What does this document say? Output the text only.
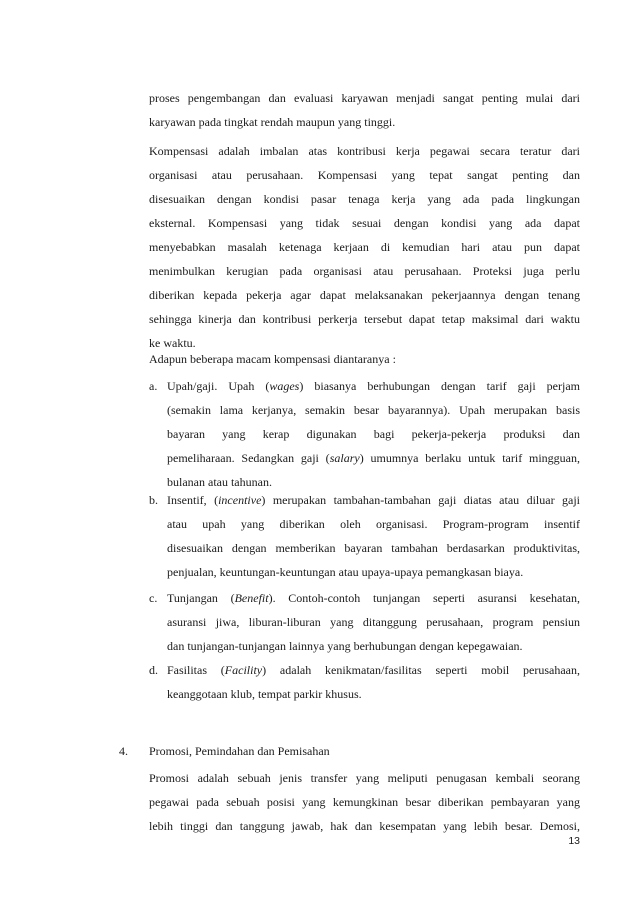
proses pengembangan dan evaluasi karyawan menjadi sangat penting mulai dari
karyawan pada tingkat rendah maupun yang tinggi.
Kompensasi adalah imbalan atas kontribusi kerja pegawai secara teratur dari
organisasi atau perusahaan. Kompensasi yang tepat sangat penting dan
disesuaikan dengan kondisi pasar tenaga kerja yang ada pada lingkungan
eksternal. Kompensasi yang tidak sesuai dengan kondisi yang ada dapat
menyebabkan masalah ketenaga kerjaan di kemudian hari atau pun dapat
menimbulkan kerugian pada organisasi atau perusahaan. Proteksi juga perlu
diberikan kepada pekerja agar dapat melaksanakan pekerjaannya dengan tenang
sehingga kinerja dan kontribusi perkerja tersebut dapat tetap maksimal dari waktu
ke waktu.
Adapun beberapa macam kompensasi diantaranya :
a. Upah/gaji. Upah (wages) biasanya berhubungan dengan tarif gaji perjam
(semakin lama kerjanya, semakin besar bayarannya). Upah merupakan basis
bayaran yang kerap digunakan bagi pekerja-pekerja produksi dan
pemeliharaan. Sedangkan gaji (salary) umumnya berlaku untuk tarif mingguan,
bulanan atau tahunan.
b. Insentif, (incentive) merupakan tambahan-tambahan gaji diatas atau diluar gaji
atau upah yang diberikan oleh organisasi. Program-program insentif
disesuaikan dengan memberikan bayaran tambahan berdasarkan produktivitas,
penjualan, keuntungan-keuntungan atau upaya-upaya pemangkasan biaya.
c. Tunjangan (Benefit). Contoh-contoh tunjangan seperti asuransi kesehatan,
asuransi jiwa, liburan-liburan yang ditanggung perusahaan, program pensiun
dan tunjangan-tunjangan lainnya yang berhubungan dengan kepegawaian.
d. Fasilitas (Facility) adalah kenikmatan/fasilitas seperti mobil perusahaan,
keanggotaan klub, tempat parkir khusus.
4. Promosi, Pemindahan dan Pemisahan
Promosi adalah sebuah jenis transfer yang meliputi penugasan kembali seorang
pegawai pada sebuah posisi yang kemungkinan besar diberikan pembayaran yang
lebih tinggi dan tanggung jawab, hak dan kesempatan yang lebih besar. Demosi,
13
